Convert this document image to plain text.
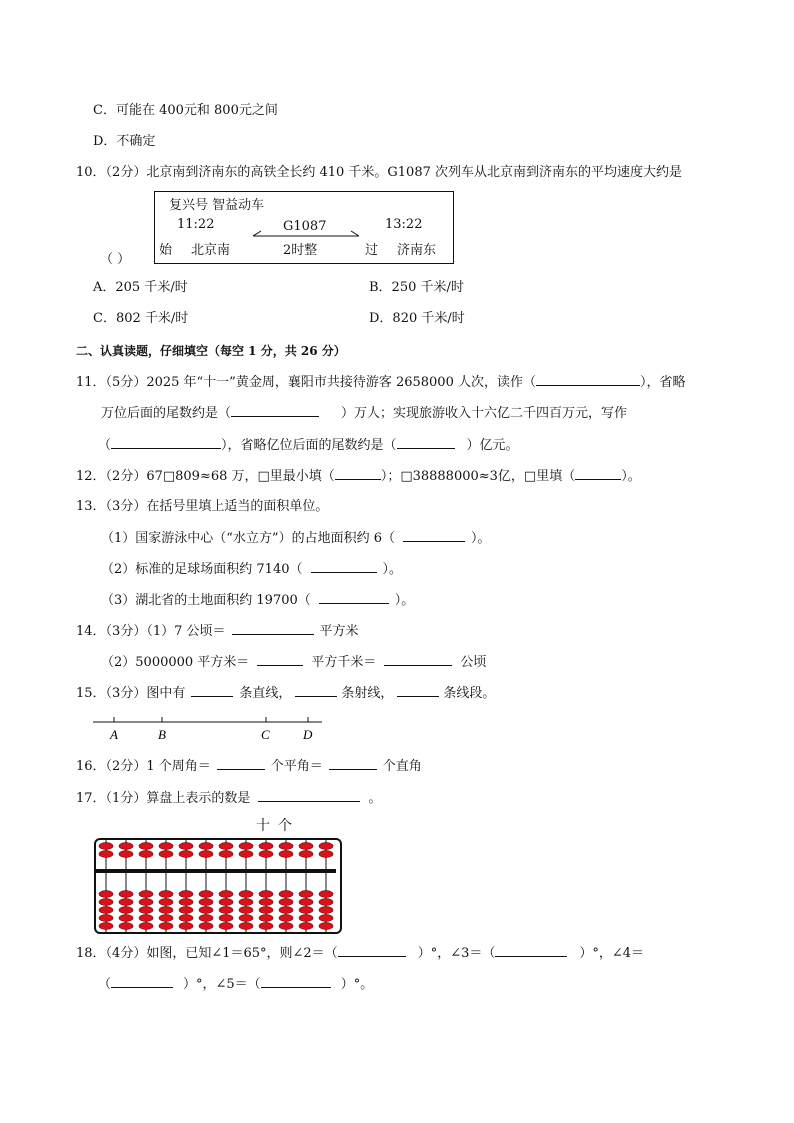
C．可能在 400元和 800元之间
D．不确定
10．（2分）北京南到济南东的高铁全长约 410 千米。G1087 次列车从北京南到济南东的平均速度大约是
复兴号 智益动车
11:22	G1087	13:22
始 北京南	2时整	过 济南东
（ ）
A．205 千米/时	B．250 千米/时
C．802 千米/时	D．820 千米/时
二、认真读题，仔细填空（每空 1 分，共 26 分）
11．（5分）2025 年“十一”黄金周，襄阳市共接待游客 2658000 人次，读作（	），省略
万位后面的尾数约是（	）万人；实现旅游收入十六亿二千四百万元，写作
（	），省略亿位后面的尾数约是（	）亿元。
12．（2分）67□809≈68 万，□里最小填（	）；□38888000≈3亿，□里填（	）。
13．（3分）在括号里填上适当的面积单位。
（1）国家游泳中心（“水立方”）的占地面积约 6（	）。
（2）标准的足球场面积约 7140（	）。
（3）湖北省的土地面积约 19700（	）。
14．（3分）（1）7 公顷＝	平方米
（2）5000000 平方米＝	平方千米＝	公顷
15．（3分）图中有	条直线，	条射线，	条线段。
A	B	C	D
16．（2分）1 个周角＝	个平角＝	个直角
17．（1分）算盘上表示的数是	。
十 个
18．（4分）如图，已知∠1＝65°，则∠2＝（	）°，∠3＝（	）°，∠4＝
（	）°，∠5＝（	）°。
